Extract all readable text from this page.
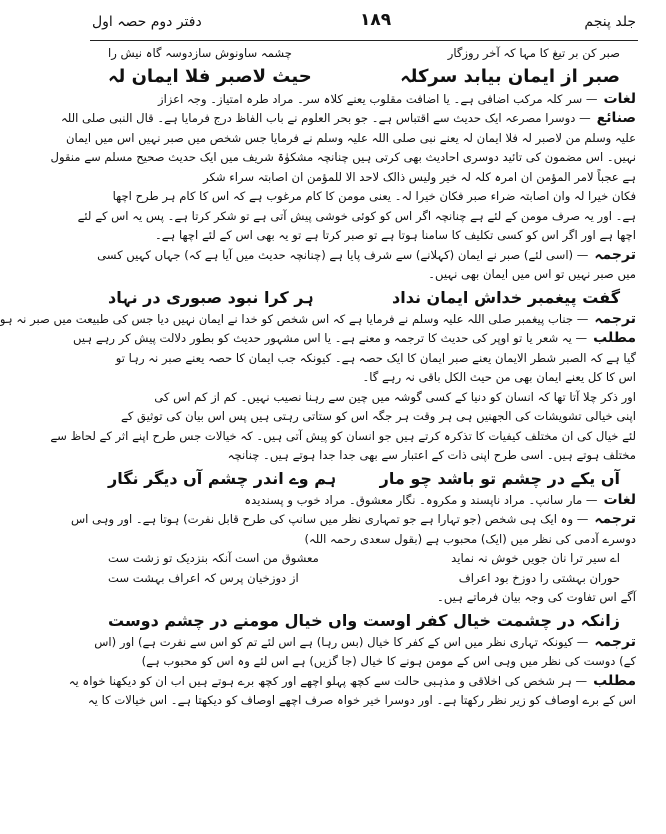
دفتر دوم حصہ اول	۱۸۹	جلد پنجم
صبر کن بر تیغ کا مہا کہ آخر روزگار
چشمہ ساونوش سازدوسہ گاہ نیش را
صبر از ایمان بیابد سرکلہ
حیث لاصبر فلا ایمان لہ
لغات— سر کلہ مرکب اضافی ہے۔ یا اضافت مقلوب یعنے کلاہ سر۔ مراد طرہ امتیاز۔ وجہ اعزاز
صنائع— دوسرا مصرعہ ایک حدیث سے اقتباس ہے۔ جو بحر العلوم نے باب الفاظ درج فرمایا ہے۔ قال النبی صلی اللہ
علیہ وسلم من لاصبر لہ فلا ایمان لہ یعنے نبی صلی اللہ علیہ وسلم نے فرمایا جس شخص میں صبر نہیں اس میں ایمان
نہیں۔ اس مضمون کی تائید دوسری احادیث بھی کرتی ہیں چنانچہ مشکوٰۃ شریف میں ایک حدیث صحیح مسلم سے منقول
ہے عجباً لامر المؤمن ان امرہ کلہ لہ خیر ولیس ذالک لاحد الا للمؤمن ان اصابتہ سراء شکر
فکان خیرا لہ وان اصابتہ ضراء صبر فکان خیرا لہ۔ یعنی مومن کا کام مرغوب ہے کہ اس کا کام ہر طرح اچھا
ہے۔ اور یہ صرف مومن کے لئے ہے چنانچہ اگر اس کو کوئی خوشی پیش آتی ہے تو شکر کرتا ہے۔ پس یہ اس کے لئے
اچھا ہے اور اگر اس کو کسی تکلیف کا سامنا ہوتا ہے تو صبر کرتا ہے تو یہ بھی اس کے لئے اچھا ہے۔
ترجمہ— (اسی لئے) صبر نے ایمان (کہلانے) سے شرف پایا ہے (چنانچہ حدیث میں آیا ہے کہ) جہاں کہیں کسی
میں صبر نہیں تو اس میں ایمان بھی نہیں۔
گفت پیغمبر خداش ایمان نداد
ہر کرا نبود صبوری در نہاد
ترجمہ— جناب پیغمبر صلی اللہ علیہ وسلم نے فرمایا ہے کہ اس شخص کو خدا نے ایمان نہیں دیا جس کی طبیعت میں صبر نہ ہو
مطلب— یہ شعر یا تو اوپر کی حدیث کا ترجمہ و معنے ہے۔ یا اس مشہور حدیث کو بطور دلالت پیش کر رہے ہیں
گیا ہے کہ الصبر شطر الایمان یعنے صبر ایمان کا ایک حصہ ہے۔ کیونکہ جب ایمان کا حصہ یعنے صبر نہ رہا تو
اس کا کل یعنے ایمان بھی من حیث الکل باقی نہ رہے گا۔
اور ذکر چلا آتا تھا کہ انسان کو دنیا کے کسی گوشہ میں چین سے رہنا نصیب نہیں۔ کم از کم اس کی
اپنی خیالی تشویشات کی الجھنیں ہی ہر وقت ہر جگہ اس کو ستاتی رہتی ہیں پس اس بیان کی توثیق کے
لئے خیال کی ان مختلف کیفیات کا تذکرہ کرتے ہیں جو انسان کو پیش آتی ہیں۔ کہ خیالات جس طرح اپنے اثر کے لحاظ سے
مختلف ہوتے ہیں۔ اسی طرح اپنی ذات کے اعتبار سے بھی جدا جدا ہوتے ہیں۔ چنانچہ
آں یکے در چشم تو باشد چو مار
ہم وے اندر چشم آں دیگر نگار
لغات— مار سانپ۔ مراد ناپسند و مکروہ۔ نگار معشوق۔ مراد خوب و پسندیدہ
ترجمہ— وہ ایک ہی شخص (جو تہارا ہے جو تمہاری نظر میں سانپ کی طرح قابل نفرت) ہوتا ہے۔ اور وہی اس
دوسرے آدمی کی نظر میں (ایک) محبوب ہے (بقول سعدی رحمہ اللہ)
اے سیر ترا نان جویں خوش نہ نماید
معشوق من است آنکہ بنزدیک تو زشت ست
حوران بہشتی را دوزخ بود اعراف
از دوزخیان پرس کہ اعراف بہشت ست
آگے اس تفاوت کی وجہ بیان فرماتے ہیں۔
زانکہ در چشمت خیال کفر اوست
واں خیال مومنے در چشم دوست
ترجمہ— کیونکہ تہاری نظر میں اس کے کفر کا خیال (بس رہا) ہے اس لئے تم کو اس سے نفرت ہے) اور (اس
کے) دوست کی نظر میں وہی اس کے مومن ہونے کا خیال (جا گزیں) ہے اس لئے وہ اس کو محبوب ہے)
مطلب— ہر شخص کی اخلاقی و مذہبی حالت سے کچھ پہلو اچھے اور کچھ برے ہوتے ہیں اب ان کو دیکھنا خواہ یہ
اس کے برے اوصاف کو زیر نظر رکھتا ہے۔ اور دوسرا خیر خواہ صرف اچھے اوصاف کو دیکھتا ہے۔ اس خیالات کا یہ
